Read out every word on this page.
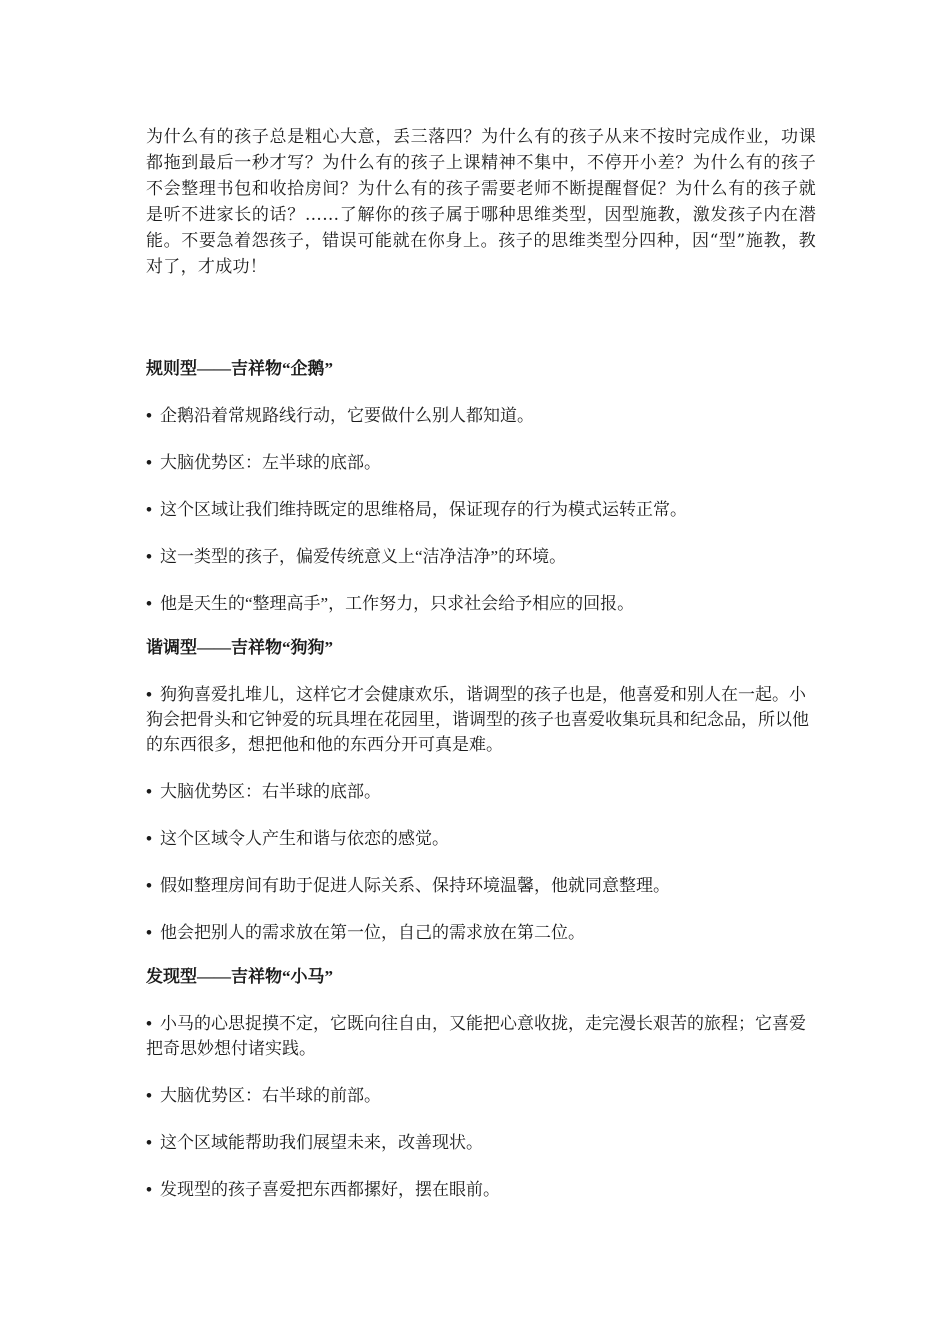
为什么有的孩子总是粗心大意，丢三落四？为什么有的孩子从来不按时完成作业，功课都拖到最后一秒才写？为什么有的孩子上课精神不集中，不停开小差？为什么有的孩子不会整理书包和收拾房间？为什么有的孩子需要老师不断提醒督促？为什么有的孩子就是听不进家长的话？……了解你的孩子属于哪种思维类型，因型施教，激发孩子内在潜能。不要急着怨孩子，错误可能就在你身上。孩子的思维类型分四种，因“型”施教，教对了，才成功！

规则型——吉祥物“企鹅”

• 企鹅沿着常规路线行动，它要做什么别人都知道。

• 大脑优势区：左半球的底部。

• 这个区域让我们维持既定的思维格局，保证现存的行为模式运转正常。

• 这一类型的孩子，偏爱传统意义上“洁净洁净”的环境。

• 他是天生的“整理高手”，工作努力，只求社会给予相应的回报。

谐调型——吉祥物“狗狗”

• 狗狗喜爱扎堆儿，这样它才会健康欢乐，谐调型的孩子也是，他喜爱和别人在一起。小狗会把骨头和它钟爱的玩具埋在花园里，谐调型的孩子也喜爱收集玩具和纪念品，所以他的东西很多，想把他和他的东西分开可真是难。

• 大脑优势区：右半球的底部。

• 这个区域令人产生和谐与依恋的感觉。

• 假如整理房间有助于促进人际关系、保持环境温馨，他就同意整理。

• 他会把别人的需求放在第一位，自己的需求放在第二位。

发现型——吉祥物“小马”

• 小马的心思捉摸不定，它既向往自由，又能把心意收拢，走完漫长艰苦的旅程；它喜爱把奇思妙想付诸实践。

• 大脑优势区：右半球的前部。

• 这个区域能帮助我们展望未来，改善现状。

• 发现型的孩子喜爱把东西都摞好，摆在眼前。
